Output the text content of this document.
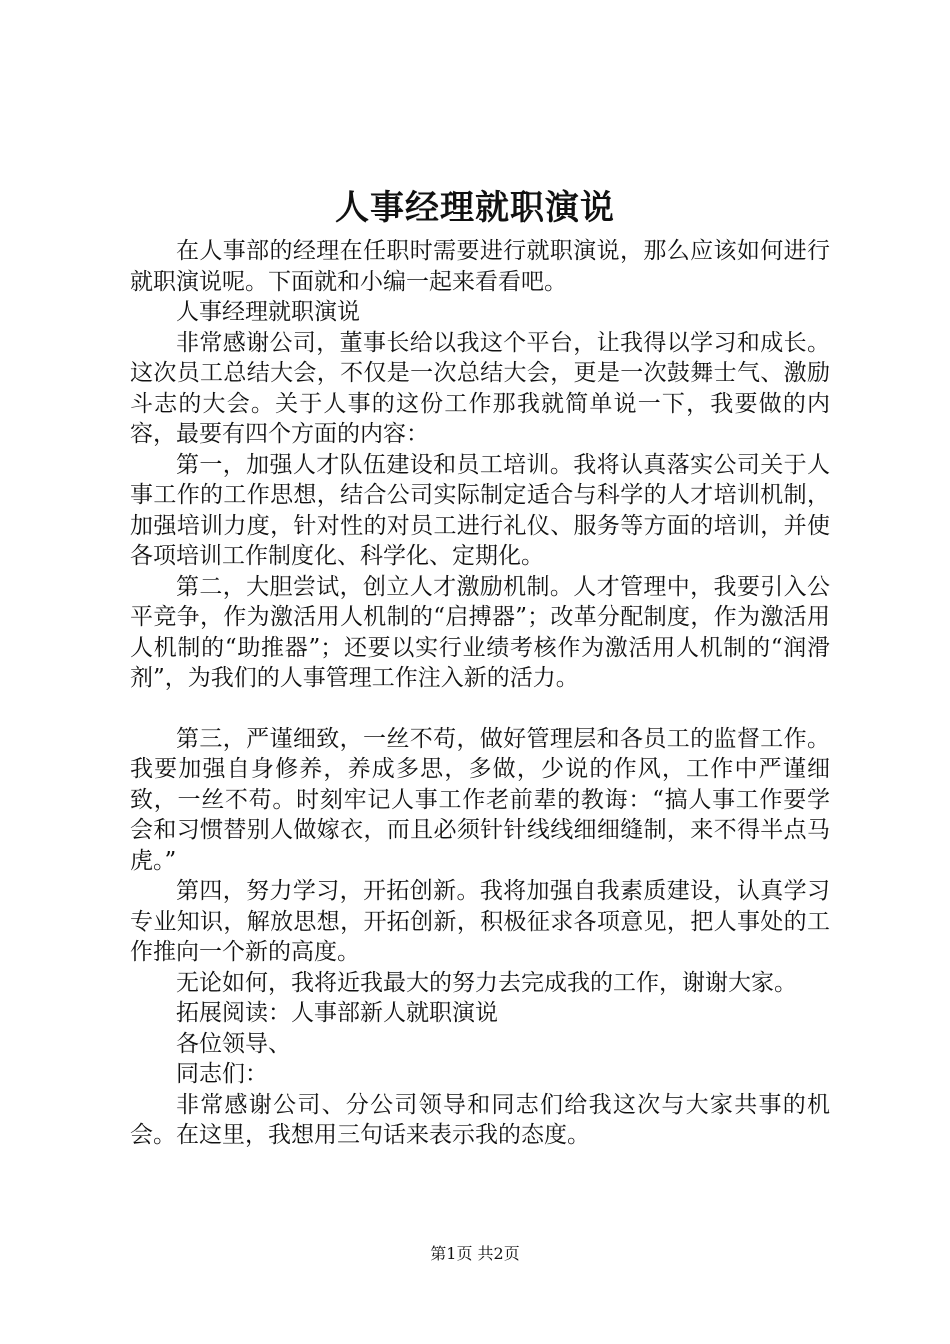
人事经理就职演说

在人事部的经理在任职时需要进行就职演说，那么应该如何进行就职演说呢。下面就和小编一起来看看吧。

人事经理就职演说

非常感谢公司，董事长给以我这个平台，让我得以学习和成长。这次员工总结大会，不仅是一次总结大会，更是一次鼓舞士气、激励斗志的大会。关于人事的这份工作那我就简单说一下，我要做的内容，最要有四个方面的内容：

第一，加强人才队伍建设和员工培训。我将认真落实公司关于人事工作的工作思想，结合公司实际制定适合与科学的人才培训机制，加强培训力度，针对性的对员工进行礼仪、服务等方面的培训，并使各项培训工作制度化、科学化、定期化。

第二，大胆尝试，创立人才激励机制。人才管理中，我要引入公平竞争，作为激活用人机制的“启搏器”；改革分配制度，作为激活用人机制的“助推器”；还要以实行业绩考核作为激活用人机制的“润滑剂”，为我们的人事管理工作注入新的活力。

第三，严谨细致，一丝不苟，做好管理层和各员工的监督工作。我要加强自身修养，养成多思，多做，少说的作风，工作中严谨细致，一丝不苟。时刻牢记人事工作老前辈的教诲：“搞人事工作要学会和习惯替别人做嫁衣，而且必须针针线线细细缝制，来不得半点马虎。”

第四，努力学习，开拓创新。我将加强自我素质建设，认真学习专业知识，解放思想，开拓创新，积极征求各项意见，把人事处的工作推向一个新的高度。

无论如何，我将近我最大的努力去完成我的工作，谢谢大家。

拓展阅读：人事部新人就职演说

各位领导、

同志们：

非常感谢公司、分公司领导和同志们给我这次与大家共事的机会。在这里，我想用三句话来表示我的态度。

第1页 共2页
